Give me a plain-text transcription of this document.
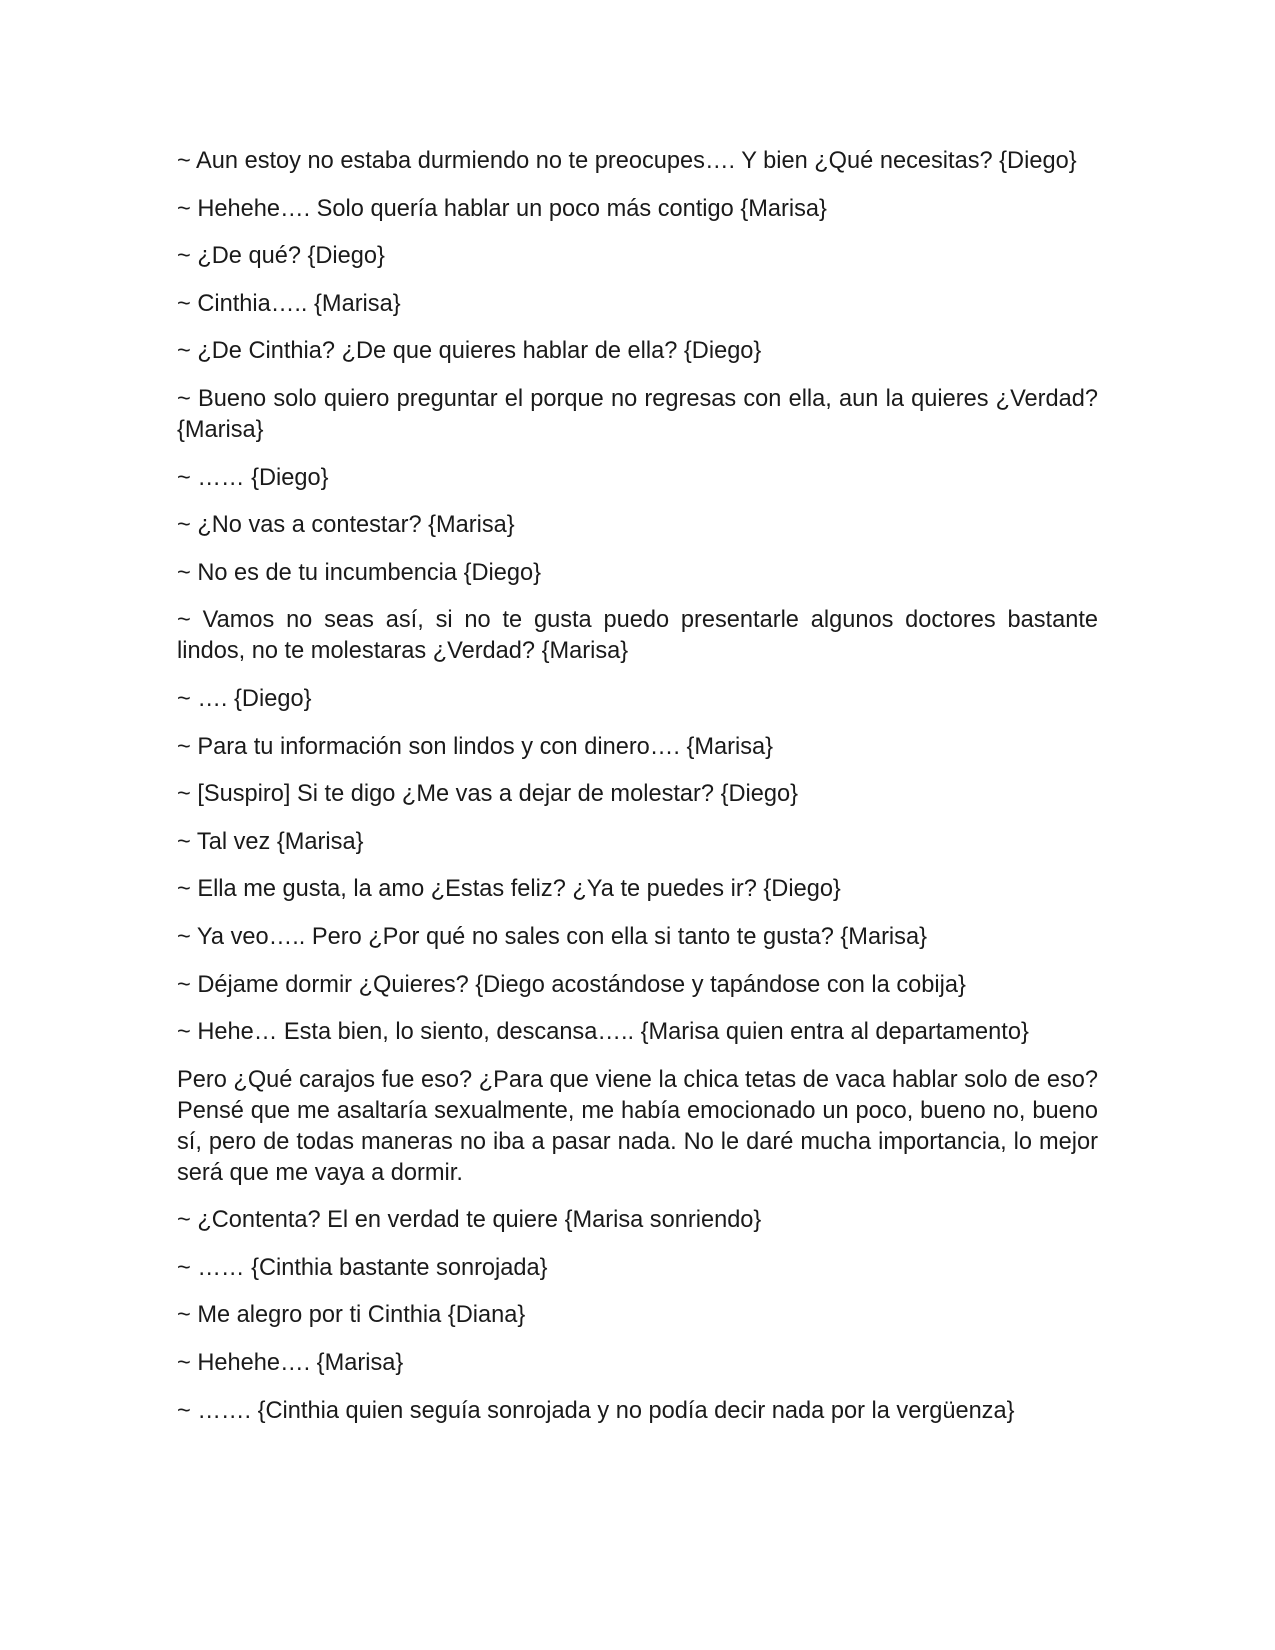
~ Aun estoy no estaba durmiendo no te preocupes…. Y bien ¿Qué necesitas? {Diego}

~ Hehehe…. Solo quería hablar un poco más contigo {Marisa}

~ ¿De qué? {Diego}

~ Cinthia….. {Marisa}

~ ¿De Cinthia? ¿De que quieres hablar de ella? {Diego}

~ Bueno solo quiero preguntar el porque no regresas con ella, aun la quieres ¿Verdad? {Marisa}

~ …… {Diego}

~ ¿No vas a contestar? {Marisa}

~ No es de tu incumbencia {Diego}

~ Vamos no seas así, si no te gusta puedo presentarle algunos doctores bastante lindos, no te molestaras ¿Verdad? {Marisa}

~ …. {Diego}

~ Para tu información son lindos y con dinero…. {Marisa}

~ [Suspiro] Si te digo ¿Me vas a dejar de molestar? {Diego}

~ Tal vez {Marisa}

~ Ella me gusta, la amo ¿Estas feliz? ¿Ya te puedes ir? {Diego}

~ Ya veo….. Pero ¿Por qué no sales con ella si tanto te gusta? {Marisa}

~ Déjame dormir ¿Quieres? {Diego acostándose y tapándose con la cobija}

~ Hehe… Esta bien, lo siento, descansa….. {Marisa quien entra al departamento}

Pero ¿Qué carajos fue eso? ¿Para que viene la chica tetas de vaca hablar solo de eso? Pensé que me asaltaría sexualmente, me había emocionado un poco, bueno no, bueno sí, pero de todas maneras no iba a pasar nada. No le daré mucha importancia, lo mejor será que me vaya a dormir.

~ ¿Contenta? El en verdad te quiere {Marisa sonriendo}

~ …… {Cinthia bastante sonrojada}

~ Me alegro por ti Cinthia {Diana}

~ Hehehe…. {Marisa}

~ ……. {Cinthia quien seguía sonrojada y no podía decir nada por la vergüenza}
